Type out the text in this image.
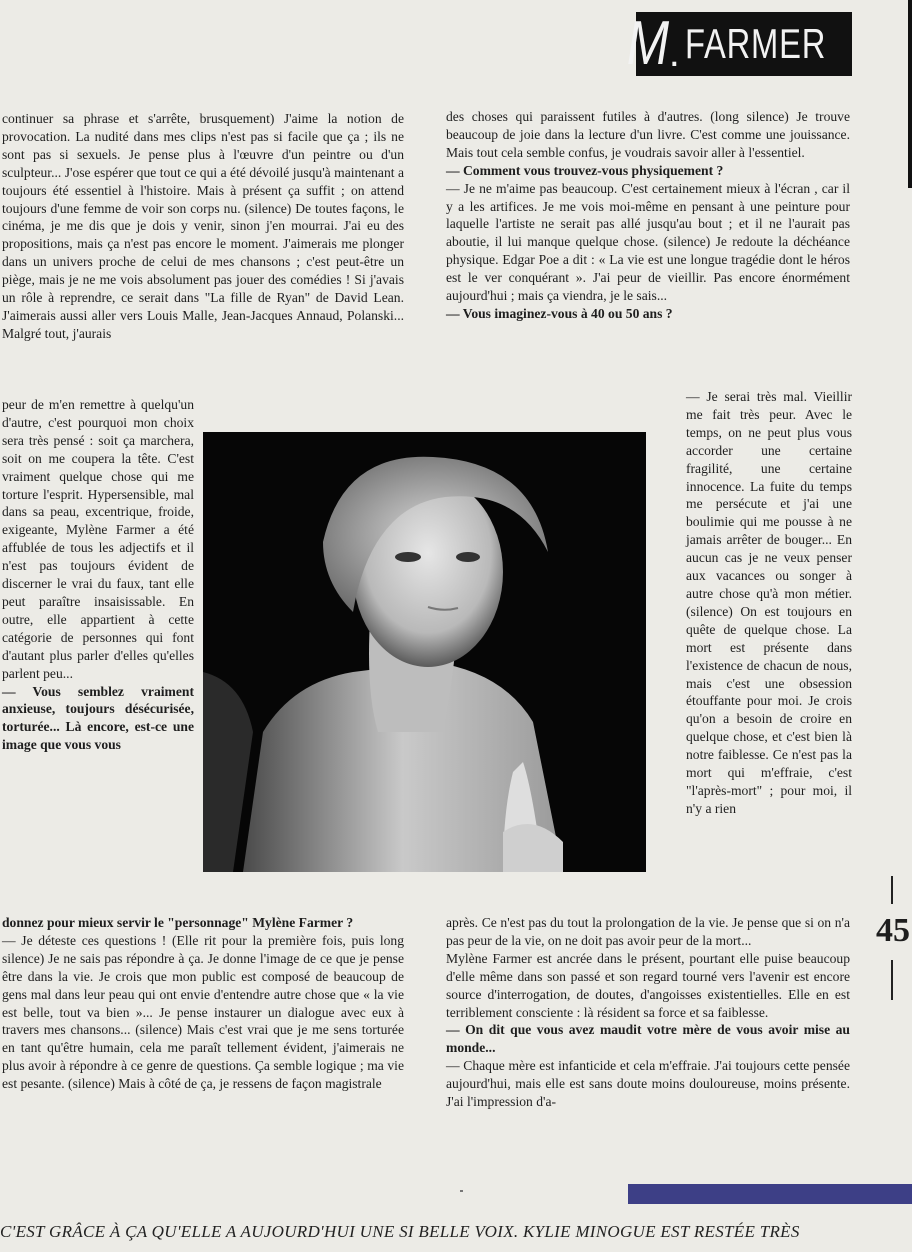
M
. FARMER

continuer sa phrase et s'arrête, brusquement) J'aime la notion de provocation. La nudité dans mes clips n'est pas si facile que ça ; ils ne sont pas si sexuels. Je pense plus à l'œuvre d'un peintre ou d'un sculpteur... J'ose espérer que tout ce qui a été dévoilé jusqu'à maintenant a toujours été essentiel à l'histoire. Mais à présent ça suffit ; on attend toujours d'une femme de voir son corps nu. (silence) De toutes façons, le cinéma, je me dis que je dois y venir, sinon j'en mourrai. J'ai eu des propositions, mais ça n'est pas encore le moment. J'aimerais me plonger dans un univers proche de celui de mes chansons ; c'est peut-être un piège, mais je ne me vois absolument pas jouer des comédies ! Si j'avais un rôle à reprendre, ce serait dans "La fille de Ryan" de David Lean. J'aimerais aussi aller vers Louis Malle, Jean-Jacques Annaud, Polanski... Malgré tout, j'aurais

peur de m'en remettre à quelqu'un d'autre, c'est pourquoi mon choix sera très pensé : soit ça marchera, soit on me coupera la tête. C'est vraiment quelque chose qui me torture l'esprit. Hypersensible, mal dans sa peau, excentrique, froide, exigeante, Mylène Farmer a été affublée de tous les adjectifs et il n'est pas toujours évident de discerner le vrai du faux, tant elle peut paraître insaisissable. En outre, elle appartient à cette catégorie de personnes qui font d'autant plus parler d'elles qu'elles parlent peu...

— Vous semblez vraiment anxieuse, toujours désécurisée, torturée... Là encore, est-ce une image que vous vous

des choses qui paraissent futiles à d'autres. (long silence) Je trouve beaucoup de joie dans la lecture d'un livre. C'est comme une jouissance. Mais tout cela semble confus, je voudrais savoir aller à l'essentiel.

— Comment vous trouvez-vous physiquement ?

— Je ne m'aime pas beaucoup. C'est certainement mieux à l'écran , car il y a les artifices. Je me vois moi-même en pensant à une peinture pour laquelle l'artiste ne serait pas allé jusqu'au bout ; et il ne l'aurait pas aboutie, il lui manque quelque chose. (silence) Je redoute la déchéance physique. Edgar Poe a dit : « La vie est une longue tragédie dont le héros est le ver conquérant ». J'ai peur de vieillir. Pas encore énormément aujourd'hui ; mais ça viendra, je le sais...

— Vous imaginez-vous à 40 ou 50 ans ?

— Je serai très mal. Vieillir me fait très peur. Avec le temps, on ne peut plus vous accorder une certaine fragilité, une certaine innocence. La fuite du temps me persécute et j'ai une boulimie qui me pousse à ne jamais arrêter de bouger... En aucun cas je ne veux penser aux vacances ou songer à autre chose qu'à mon métier. (silence) On est toujours en quête de quelque chose. La mort est présente dans l'existence de chacun de nous, mais c'est une obsession étouffante pour moi. Je crois qu'on a besoin de croire en quelque chose, et c'est bien là notre faiblesse. Ce n'est pas la mort qui m'effraie, c'est "l'après-mort" ; pour moi, il n'y a rien

donnez pour mieux servir le "personnage" Mylène Farmer ?

— Je déteste ces questions ! (Elle rit pour la première fois, puis long silence) Je ne sais pas répondre à ça. Je donne l'image de ce que je pense être dans la vie. Je crois que mon public est composé de beaucoup de gens mal dans leur peau qui ont envie d'entendre autre chose que « la vie est belle, tout va bien »... Je pense instaurer un dialogue avec eux à travers mes chansons... (silence) Mais c'est vrai que je me sens torturée en tant qu'être humain, cela me paraît tellement évident, j'aimerais ne plus avoir à répondre à ce genre de questions. Ça semble logique ; ma vie est pesante. (silence) Mais à côté de ça, je ressens de façon magistrale

après. Ce n'est pas du tout la prolongation de la vie. Je pense que si on n'a pas peur de la vie, on ne doit pas avoir peur de la mort...

Mylène Farmer est ancrée dans le présent, pourtant elle puise beaucoup d'elle même dans son passé et son regard tourné vers l'avenir est encore source d'interrogation, de doutes, d'angoisses existentielles. Elle en est terriblement consciente : là résident sa force et sa faiblesse.

— On dit que vous avez maudit votre mère de vous avoir mise au monde...

— Chaque mère est infanticide et cela m'effraie. J'ai toujours cette pensée aujourd'hui, mais elle est sans doute moins douloureuse, moins présente. J'ai l'impression d'a-

45
C'EST GRÂCE À ÇA QU'ELLE A AUJOURD'HUI UNE SI BELLE VOIX. KYLIE MINOGUE EST RESTÉE TRÈS
